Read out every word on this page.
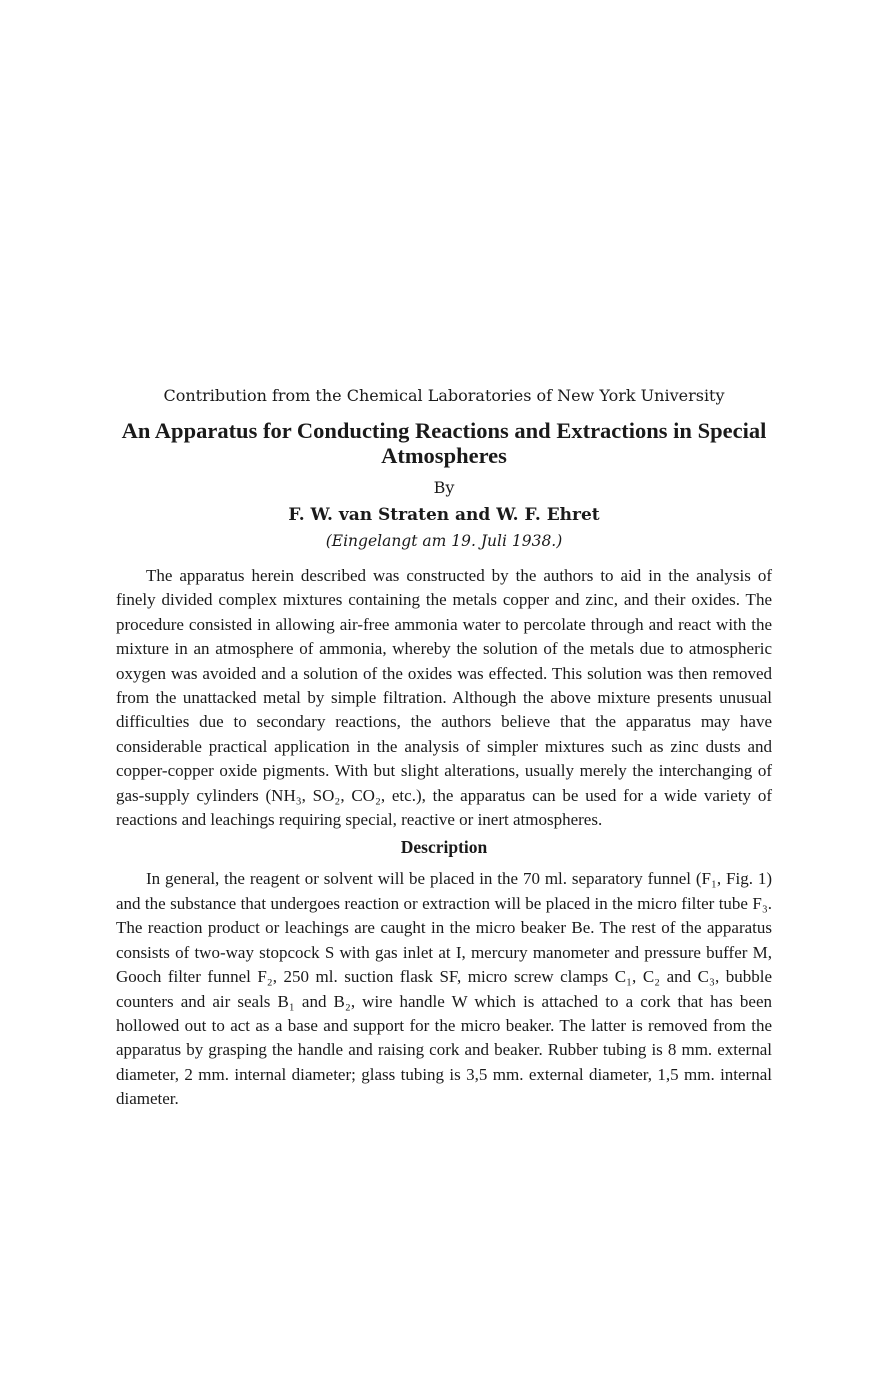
Contribution from the Chemical Laboratories of New York University

An Apparatus for Conducting Reactions and Extractions in Special Atmospheres

By

F. W. van Straten and W. F. Ehret

(Eingelangt am 19. Juli 1938.)

The apparatus herein described was constructed by the authors to aid in the analysis of finely divided complex mixtures containing the metals copper and zinc, and their oxides. The procedure consisted in allowing air-free ammonia water to percolate through and react with the mixture in an atmosphere of ammonia, whereby the solution of the metals due to atmospheric oxygen was avoided and a solution of the oxides was effected. This solution was then removed from the unattacked metal by simple filtration. Although the above mixture presents unusual difficulties due to secondary reactions, the authors believe that the apparatus may have considerable practical application in the analysis of simpler mixtures such as zinc dusts and copper-copper oxide pigments. With but slight alterations, usually merely the interchanging of gas-supply cylinders (NH₃, SO₂, CO₂, etc.), the apparatus can be used for a wide variety of reactions and leachings requiring special, reactive or inert atmospheres.

Description

In general, the reagent or solvent will be placed in the 70 ml. separatory funnel (F₁, Fig. 1) and the substance that undergoes reaction or extraction will be placed in the micro filter tube F₃. The reaction product or leachings are caught in the micro beaker Be. The rest of the apparatus consists of two-way stopcock S with gas inlet at I, mercury manometer and pressure buffer M, Gooch filter funnel F₂, 250 ml. suction flask SF, micro screw clamps C₁, C₂ and C₃, bubble counters and air seals B₁ and B₂, wire handle W which is attached to a cork that has been hollowed out to act as a base and support for the micro beaker. The latter is removed from the apparatus by grasping the handle and raising cork and beaker. Rubber tubing is 8 mm. external diameter, 2 mm. internal diameter; glass tubing is 3,5 mm. external diameter, 1,5 mm. internal diameter.
